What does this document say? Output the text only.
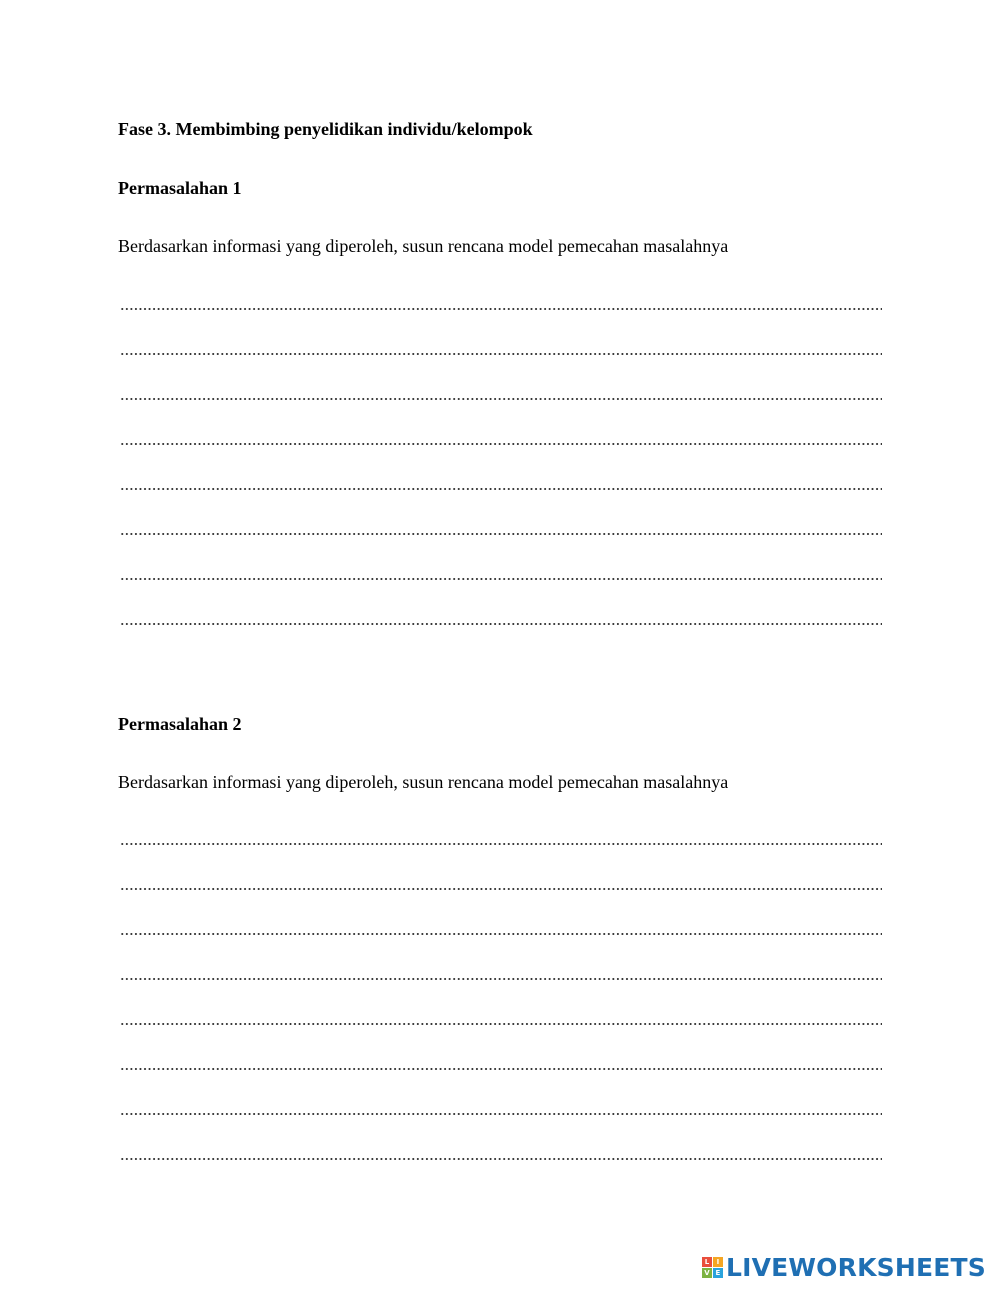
Fase 3. Membimbing penyelidikan individu/kelompok
Permasalahan 1
Berdasarkan informasi yang diperoleh, susun rencana model pemecahan masalahnya
Permasalahan 2
Berdasarkan informasi yang diperoleh, susun rencana model pemecahan masalahnya
L	I
V E LIVEWORKSHEETS
